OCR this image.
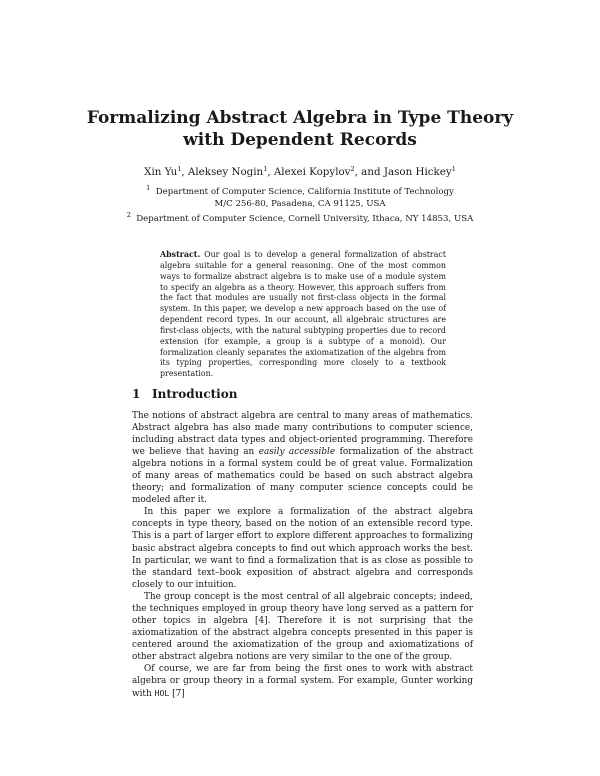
Formalizing Abstract Algebra in Type Theory
with Dependent Records
Xin Yu$^1$, Aleksey Nogin$^1$, Alexei Kopylov$^2$, and Jason Hickey$^1$
$^1$ Department of Computer Science, California Institute of Technology
M/C 256-80, Pasadena, CA 91125, USA
$^2$ Department of Computer Science, Cornell University, Ithaca, NY 14853, USA
Abstract. Our goal is to develop a general formalization of abstract algebra suitable for a general reasoning. One of the most common ways to formalize abstract algebra is to make use of a module system to specify an algebra as a theory. However, this approach suffers from the fact that modules are usually not first-class objects in the formal system. In this paper, we develop a new approach based on the use of dependent record types. In our account, all algebraic structures are first-class objects, with the natural subtyping properties due to record extension (for example, a group is a subtype of a monoid). Our formalization cleanly separates the axiomatization of the algebra from its typing properties, corresponding more closely to a textbook presentation.
1 Introduction

The notions of abstract algebra are central to many areas of mathematics. Abstract algebra has also made many contributions to computer science, including abstract data types and object-oriented programming. Therefore we believe that having an easily accessible formalization of the abstract algebra notions in a formal system could be of great value. Formalization of many areas of mathematics could be based on such abstract algebra theory; and formalization of many computer science concepts could be modeled after it.

In this paper we explore a formalization of the abstract algebra concepts in type theory, based on the notion of an extensible record type. This is a part of larger effort to explore different approaches to formalizing basic abstract algebra concepts to find out which approach works the best. In particular, we want to find a formalization that is as close as possible to the standard text–book exposition of abstract algebra and corresponds closely to our intuition.

The group concept is the most central of all algebraic concepts; indeed, the techniques employed in group theory have long served as a pattern for other topics in algebra [4]. Therefore it is not surprising that the axiomatization of the abstract algebra concepts presented in this paper is centered around the axiomatization of the group and axiomatizations of other abstract algebra notions are very similar to the one of the group.

Of course, we are far from being the first ones to work with abstract algebra or group theory in a formal system. For example, Gunter working with HOL [7]
